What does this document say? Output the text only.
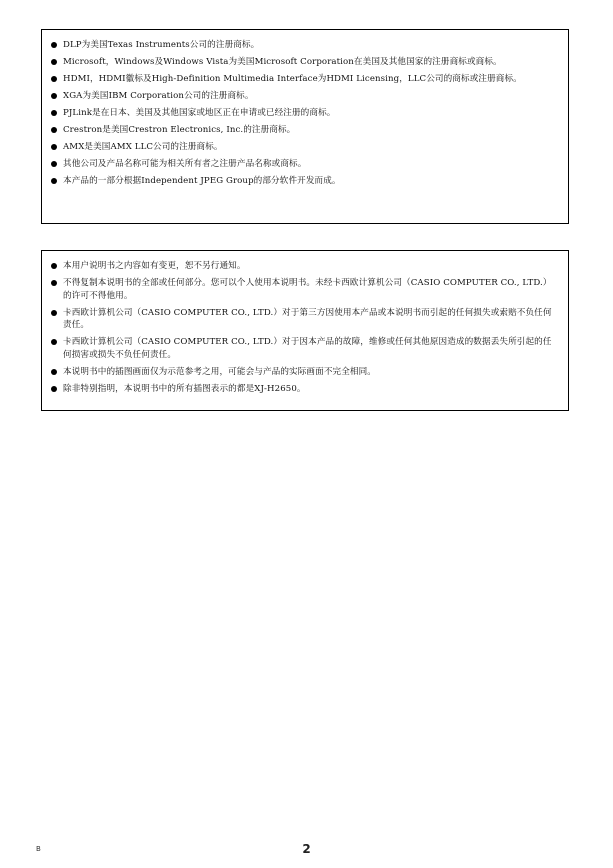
DLP为美国Texas Instruments公司的注册商标。
Microsoft，Windows及Windows Vista为美国Microsoft Corporation在美国及其他国家的注册商标或商标。
HDMI，HDMI徽标及High-Definition Multimedia Interface为HDMI Licensing，LLC公司的商标或注册商标。
XGA为美国IBM Corporation公司的注册商标。
PJLink是在日本、美国及其他国家或地区正在申请或已经注册的商标。
Crestron是美国Crestron Electronics, Inc.的注册商标。
AMX是美国AMX LLC公司的注册商标。
其他公司及产品名称可能为相关所有者之注册产品名称或商标。
本产品的一部分根据Independent JPEG Group的部分软件开发而成。
本用户说明书之内容如有变更，恕不另行通知。
不得复制本说明书的全部或任何部分。您可以个人使用本说明书。未经卡西欧计算机公司（CASIO COMPUTER CO., LTD.）的许可不得他用。
卡西欧计算机公司（CASIO COMPUTER CO., LTD.）对于第三方因使用本产品或本说明书而引起的任何损失或索赔不负任何责任。
卡西欧计算机公司（CASIO COMPUTER CO., LTD.）对于因本产品的故障，维修或任何其他原因造成的数据丢失所引起的任何损害或损失不负任何责任。
本说明书中的插图画面仅为示范参考之用，可能会与产品的实际画面不完全相同。
除非特别指明，本说明书中的所有插图表示的都是XJ-H2650。
B	2
